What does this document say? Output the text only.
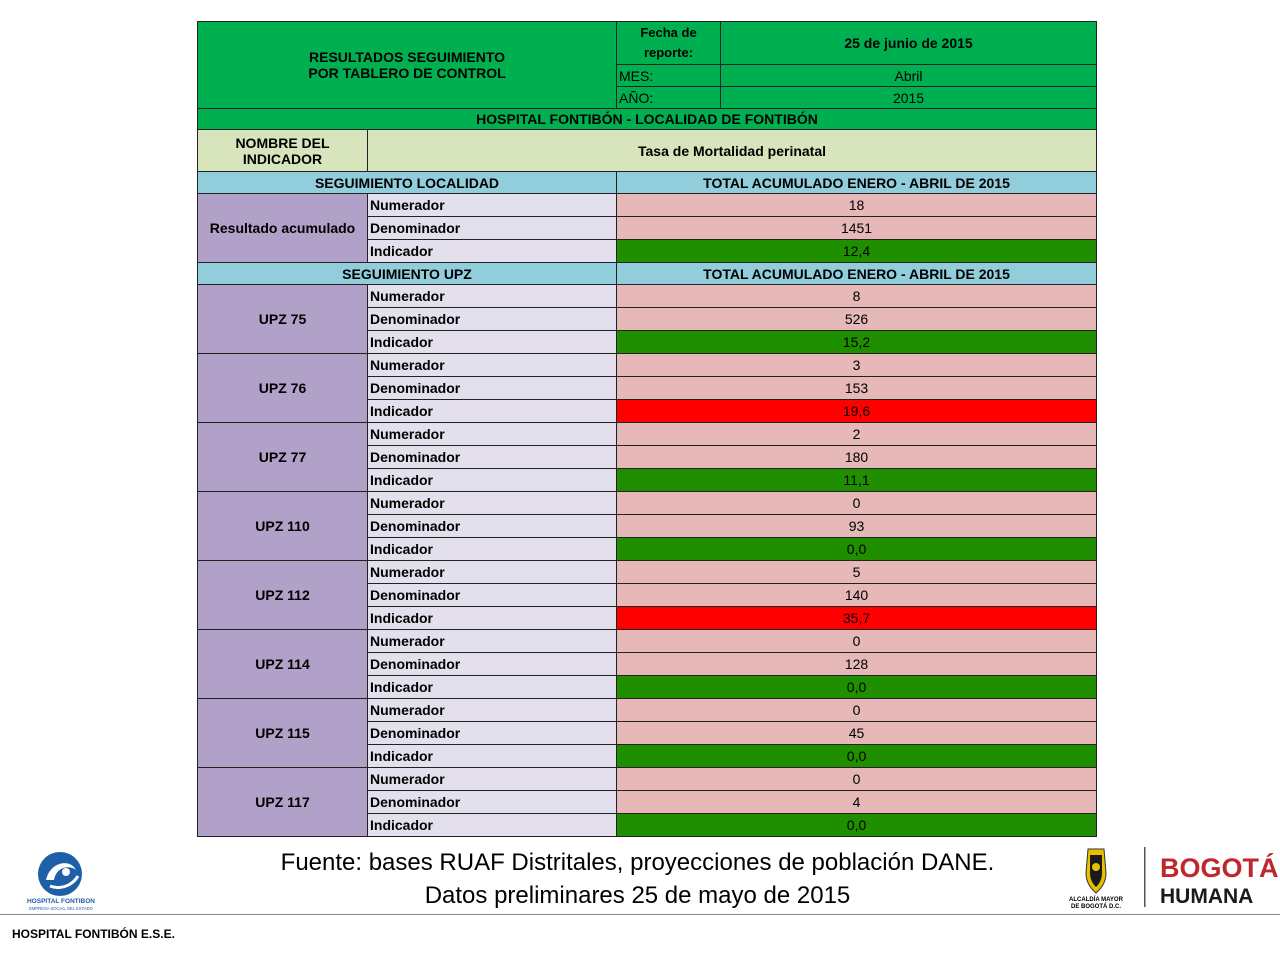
RESULTADOS SEGUIMIENTO
POR TABLERO DE CONTROL		Fecha de reporte:	25 de junio de 2015
		MES:	Abril
		AÑO:	2015
HOSPITAL FONTIBÓN - LOCALIDAD DE FONTIBÓN			
NOMBRE DEL INDICADOR	Tasa de Mortalidad perinatal		
SEGUIMIENTO LOCALIDAD		TOTAL ACUMULADO ENERO - ABRIL DE 2015	
Resultado acumulado	Numerador	18	
	Denominador	1451	
	Indicador	12,4	
SEGUIMIENTO UPZ		TOTAL ACUMULADO ENERO - ABRIL DE 2015	
UPZ 75	Numerador	8	
	Denominador	526	
	Indicador	15,2	
UPZ 76	Numerador	3	
	Denominador	153	
	Indicador	19,6	
UPZ 77	Numerador	2	
	Denominador	180	
	Indicador	11,1	
UPZ 110	Numerador	0	
	Denominador	93	
	Indicador	0,0	
UPZ 112	Numerador	5	
	Denominador	140	
	Indicador	35,7	
UPZ 114	Numerador	0	
	Denominador	128	
	Indicador	0,0	
UPZ 115	Numerador	0	
	Denominador	45	
	Indicador	0,0	
UPZ 117	Numerador	0	
	Denominador	4	
	Indicador	0,0	
Fuente: bases RUAF Distritales, proyecciones de población DANE.
Datos preliminares 25 de mayo de 2015
HOSPITAL FONTIBON
EMPRESA SOCIAL DEL ESTADO
ALCALDÍA MAYOR
DE BOGOTÁ D.C.
BOGOTÁ
HUMANA
HOSPITAL FONTIBÓN E.S.E.
